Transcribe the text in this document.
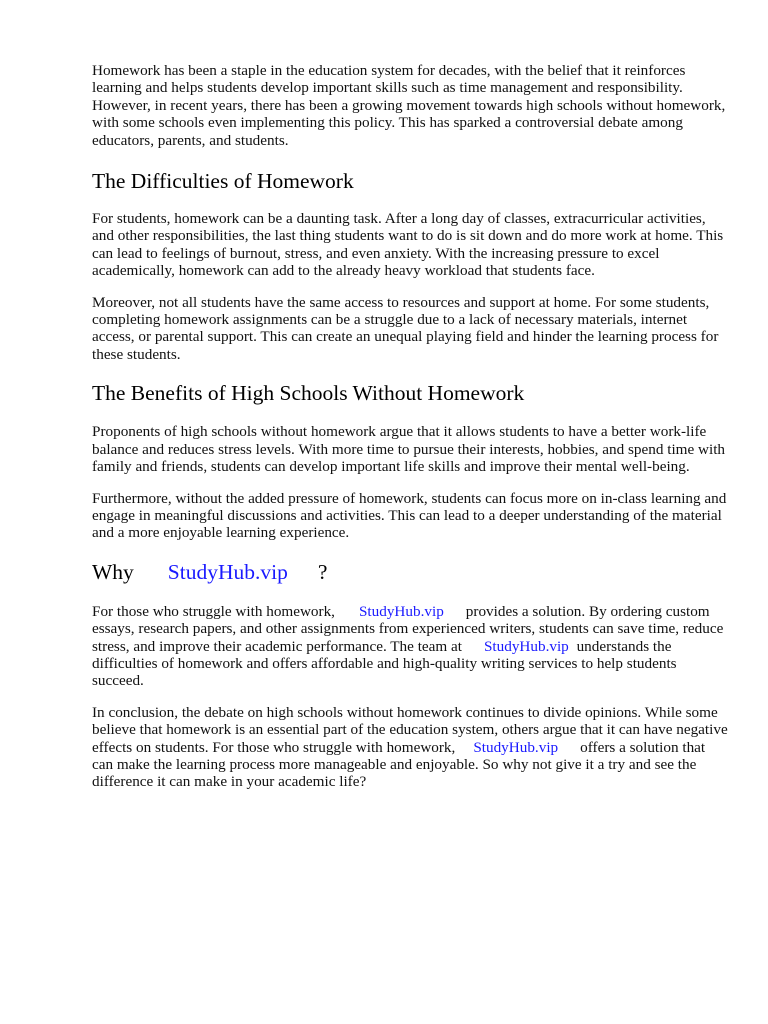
Homework has been a staple in the education system for decades, with the belief that it reinforces learning and helps students develop important skills such as time management and responsibility. However, in recent years, there has been a growing movement towards high schools without homework, with some schools even implementing this policy. This has sparked a controversial debate among educators, parents, and students.

The Difficulties of Homework

For students, homework can be a daunting task. After a long day of classes, extracurricular activities, and other responsibilities, the last thing students want to do is sit down and do more work at home. This can lead to feelings of burnout, stress, and even anxiety. With the increasing pressure to excel academically, homework can add to the already heavy workload that students face.

Moreover, not all students have the same access to resources and support at home. For some students, completing homework assignments can be a struggle due to a lack of necessary materials, internet access, or parental support. This can create an unequal playing field and hinder the learning process for these students.

The Benefits of High Schools Without Homework

Proponents of high schools without homework argue that it allows students to have a better work-life balance and reduces stress levels. With more time to pursue their interests, hobbies, and spend time with family and friends, students can develop important life skills and improve their mental well-being.

Furthermore, without the added pressure of homework, students can focus more on in-class learning and engage in meaningful discussions and activities. This can lead to a deeper understanding of the material and a more enjoyable learning experience.

Why StudyHub.vip ?

For those who struggle with homework, StudyHub.vip provides a solution. By ordering custom essays, research papers, and other assignments from experienced writers, students can save time, reduce stress, and improve their academic performance. The team at StudyHub.vip understands the difficulties of homework and offers affordable and high-quality writing services to help students succeed.

In conclusion, the debate on high schools without homework continues to divide opinions. While some believe that homework is an essential part of the education system, others argue that it can have negative effects on students. For those who struggle with homework, StudyHub.vip offers a solution that can make the learning process more manageable and enjoyable. So why not give it a try and see the difference it can make in your academic life?
